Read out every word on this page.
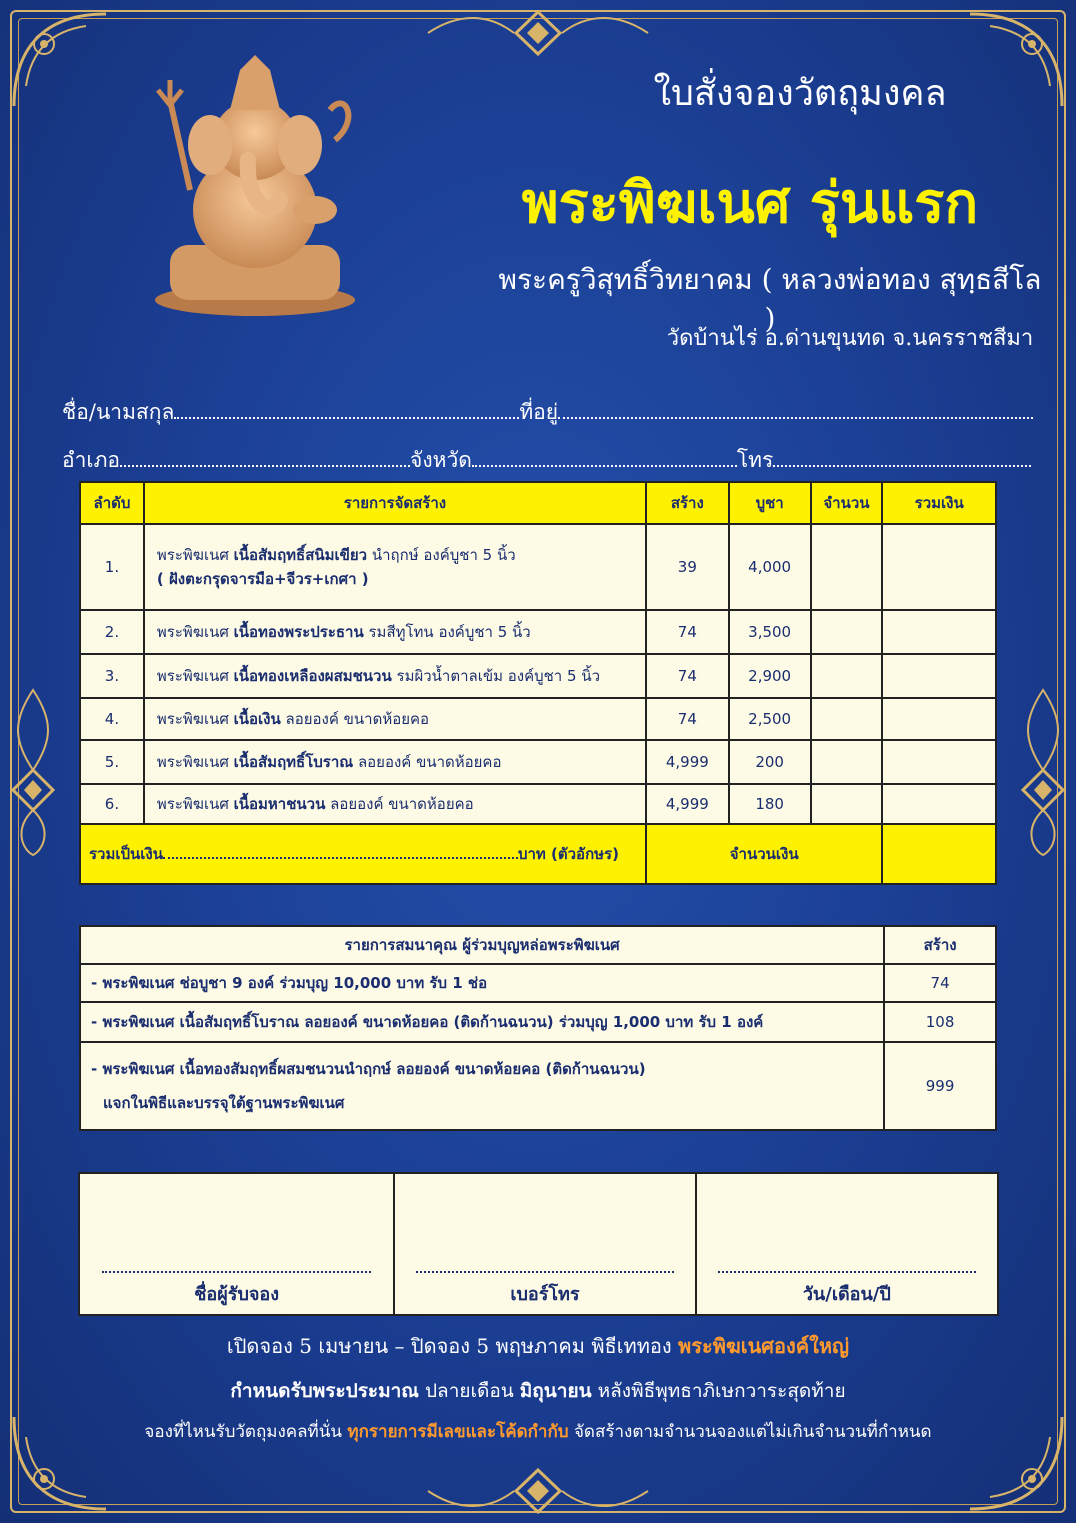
ใบสั่งจองวัตถุมงคล
พระพิฆเนศ รุ่นแรก
พระครูวิสุทธิ์วิทยาคม ( หลวงพ่อทอง สุทฺธสีโล )
วัดบ้านไร่ อ.ด่านขุนทด จ.นครราชสีมา
ชื่อ/นามสกุล	ที่อยู่
อำเภอ	จังหวัด	โทร
ลำดับ	รายการจัดสร้าง	สร้าง	บูชา	จำนวน	รวมเงิน
1.	พระพิฆเนศ เนื้อสัมฤทธิ์สนิมเขียว นำฤกษ์ องค์บูชา 5 นิ้ว
( ฝังตะกรุดจารมือ+จีวร+เกศา )	39	4,000		
2.	พระพิฆเนศ เนื้อทองพระประธาน รมสีทูโทน องค์บูชา 5 นิ้ว	74	3,500		
3.	พระพิฆเนศ เนื้อทองเหลืองผสมชนวน รมผิวน้ำตาลเข้ม องค์บูชา 5 นิ้ว	74	2,900		
4.	พระพิฆเนศ เนื้อเงิน ลอยองค์ ขนาดห้อยคอ	74	2,500		
5.	พระพิฆเนศ เนื้อสัมฤทธิ์โบราณ ลอยองค์ ขนาดห้อยคอ	4,999	200		
6.	พระพิฆเนศ เนื้อมหาชนวน ลอยองค์ ขนาดห้อยคอ	4,999	180		
รวมเป็นเงิน บาท (ตัวอักษร)		จำนวนเงิน			
รายการสมนาคุณ ผู้ร่วมบุญหล่อพระพิฆเนศ	สร้าง
- พระพิฆเนศ ช่อบูชา 9 องค์ ร่วมบุญ 10,000 บาท รับ 1 ช่อ	74
- พระพิฆเนศ เนื้อสัมฤทธิ์โบราณ ลอยองค์ ขนาดห้อยคอ (ติดก้านฉนวน) ร่วมบุญ 1,000 บาท รับ 1 องค์	108

- พระพิฆเนศ เนื้อทองสัมฤทธิ์ผสมชนวนนำฤกษ์ ลอยองค์ ขนาดห้อยคอ (ติดก้านฉนวน)
แจกในพิธีและบรรจุใต้ฐานพระพิฆเนศ	999
ชื่อผู้รับจอง	เบอร์โทร	วัน/เดือน/ปี
เปิดจอง 5 เมษายน – ปิดจอง 5 พฤษภาคม พิธีเททอง พระพิฆเนศองค์ใหญ่
กำหนดรับพระประมาณ ปลายเดือน มิถุนายน หลังพิธีพุทธาภิเษกวาระสุดท้าย
จองที่ไหนรับวัตถุมงคลที่นั่น ทุกรายการมีเลขและโค้ดกำกับ จัดสร้างตามจำนวนจองแต่ไม่เกินจำนวนที่กำหนด
